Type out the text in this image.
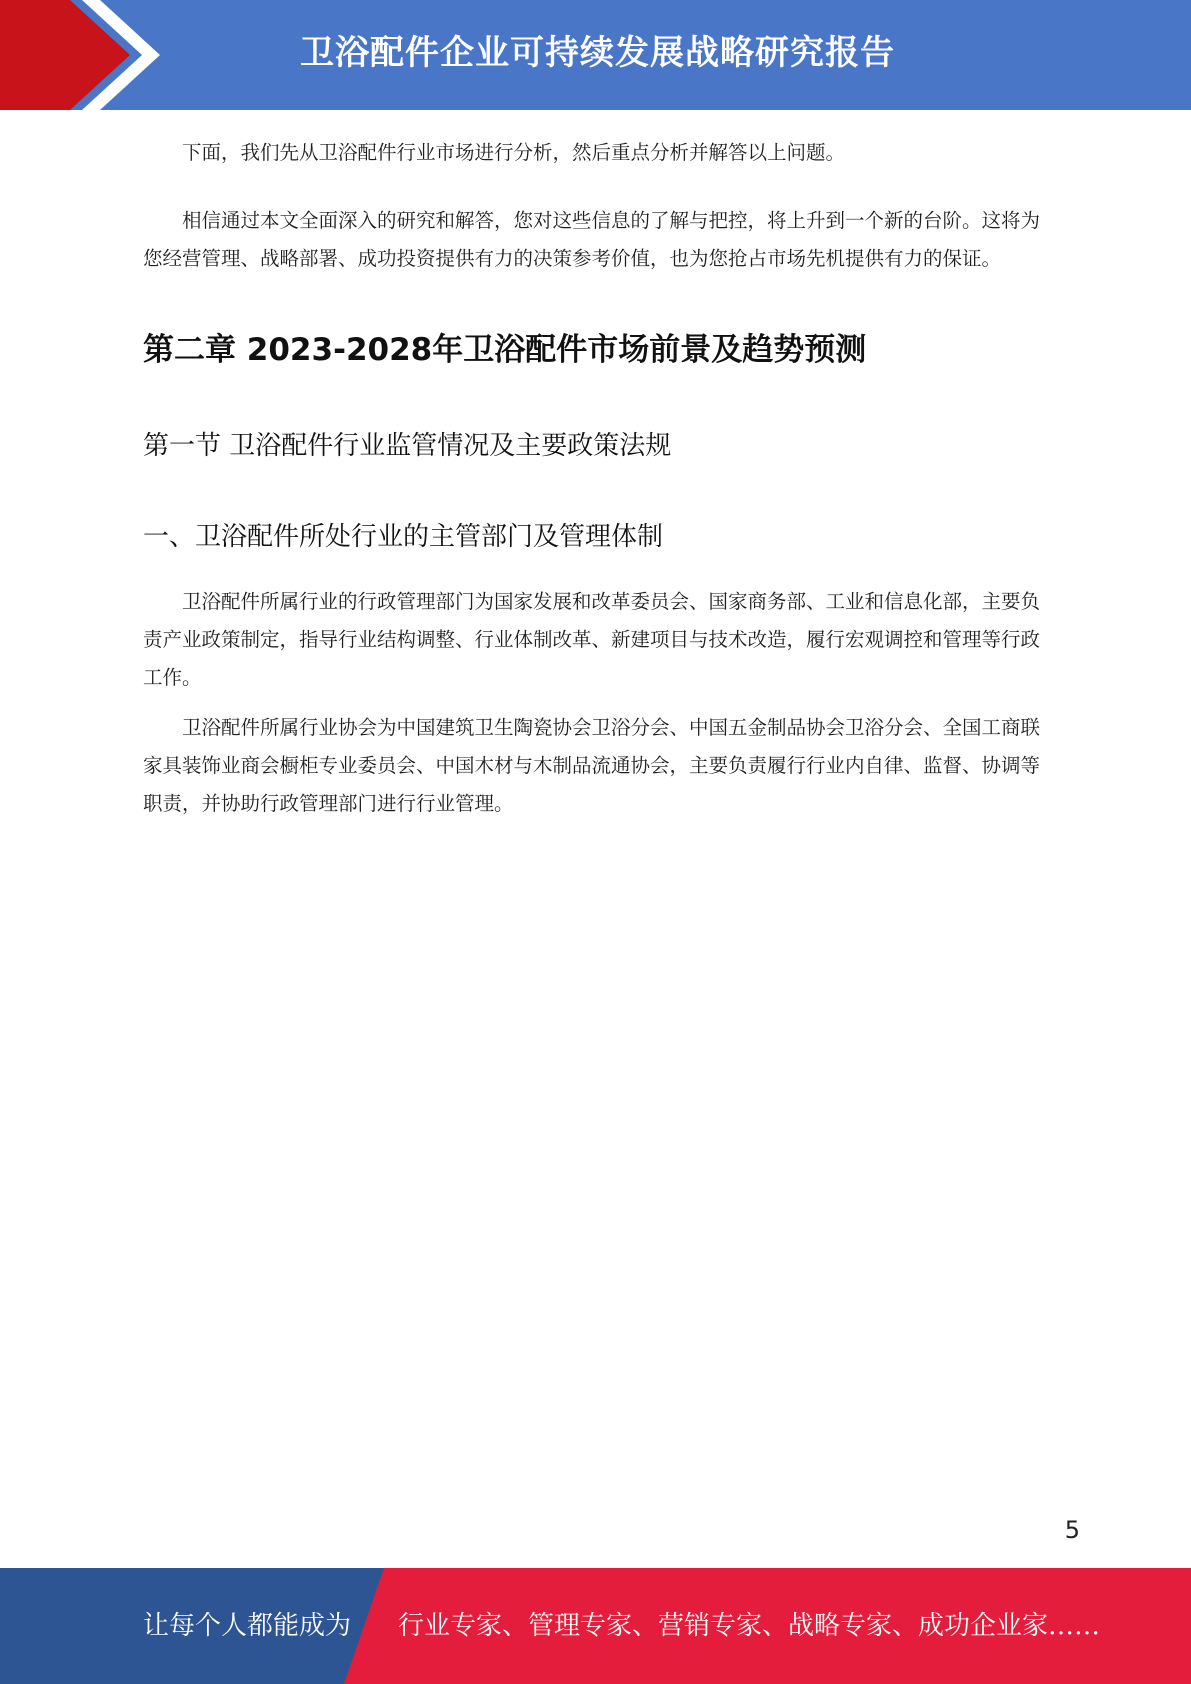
卫浴配件企业可持续发展战略研究报告

下面，我们先从卫浴配件行业市场进行分析，然后重点分析并解答以上问题。

相信通过本文全面深入的研究和解答，您对这些信息的了解与把控，将上升到一个新的台阶。这将为您经营管理、战略部署、成功投资提供有力的决策参考价值，也为您抢占市场先机提供有力的保证。

第二章 2023-2028年卫浴配件市场前景及趋势预测
第一节 卫浴配件行业监管情况及主要政策法规
一、卫浴配件所处行业的主管部门及管理体制

卫浴配件所属行业的行政管理部门为国家发展和改革委员会、国家商务部、工业和信息化部，主要负责产业政策制定，指导行业结构调整、行业体制改革、新建项目与技术改造，履行宏观调控和管理等行政工作。

卫浴配件所属行业协会为中国建筑卫生陶瓷协会卫浴分会、中国五金制品协会卫浴分会、全国工商联家具装饰业商会橱柜专业委员会、中国木材与木制品流通协会，主要负责履行行业内自律、监督、协调等职责，并协助行政管理部门进行行业管理。

5
让每个人都能成为 行业专家、管理专家、营销专家、战略专家、成功企业家……
